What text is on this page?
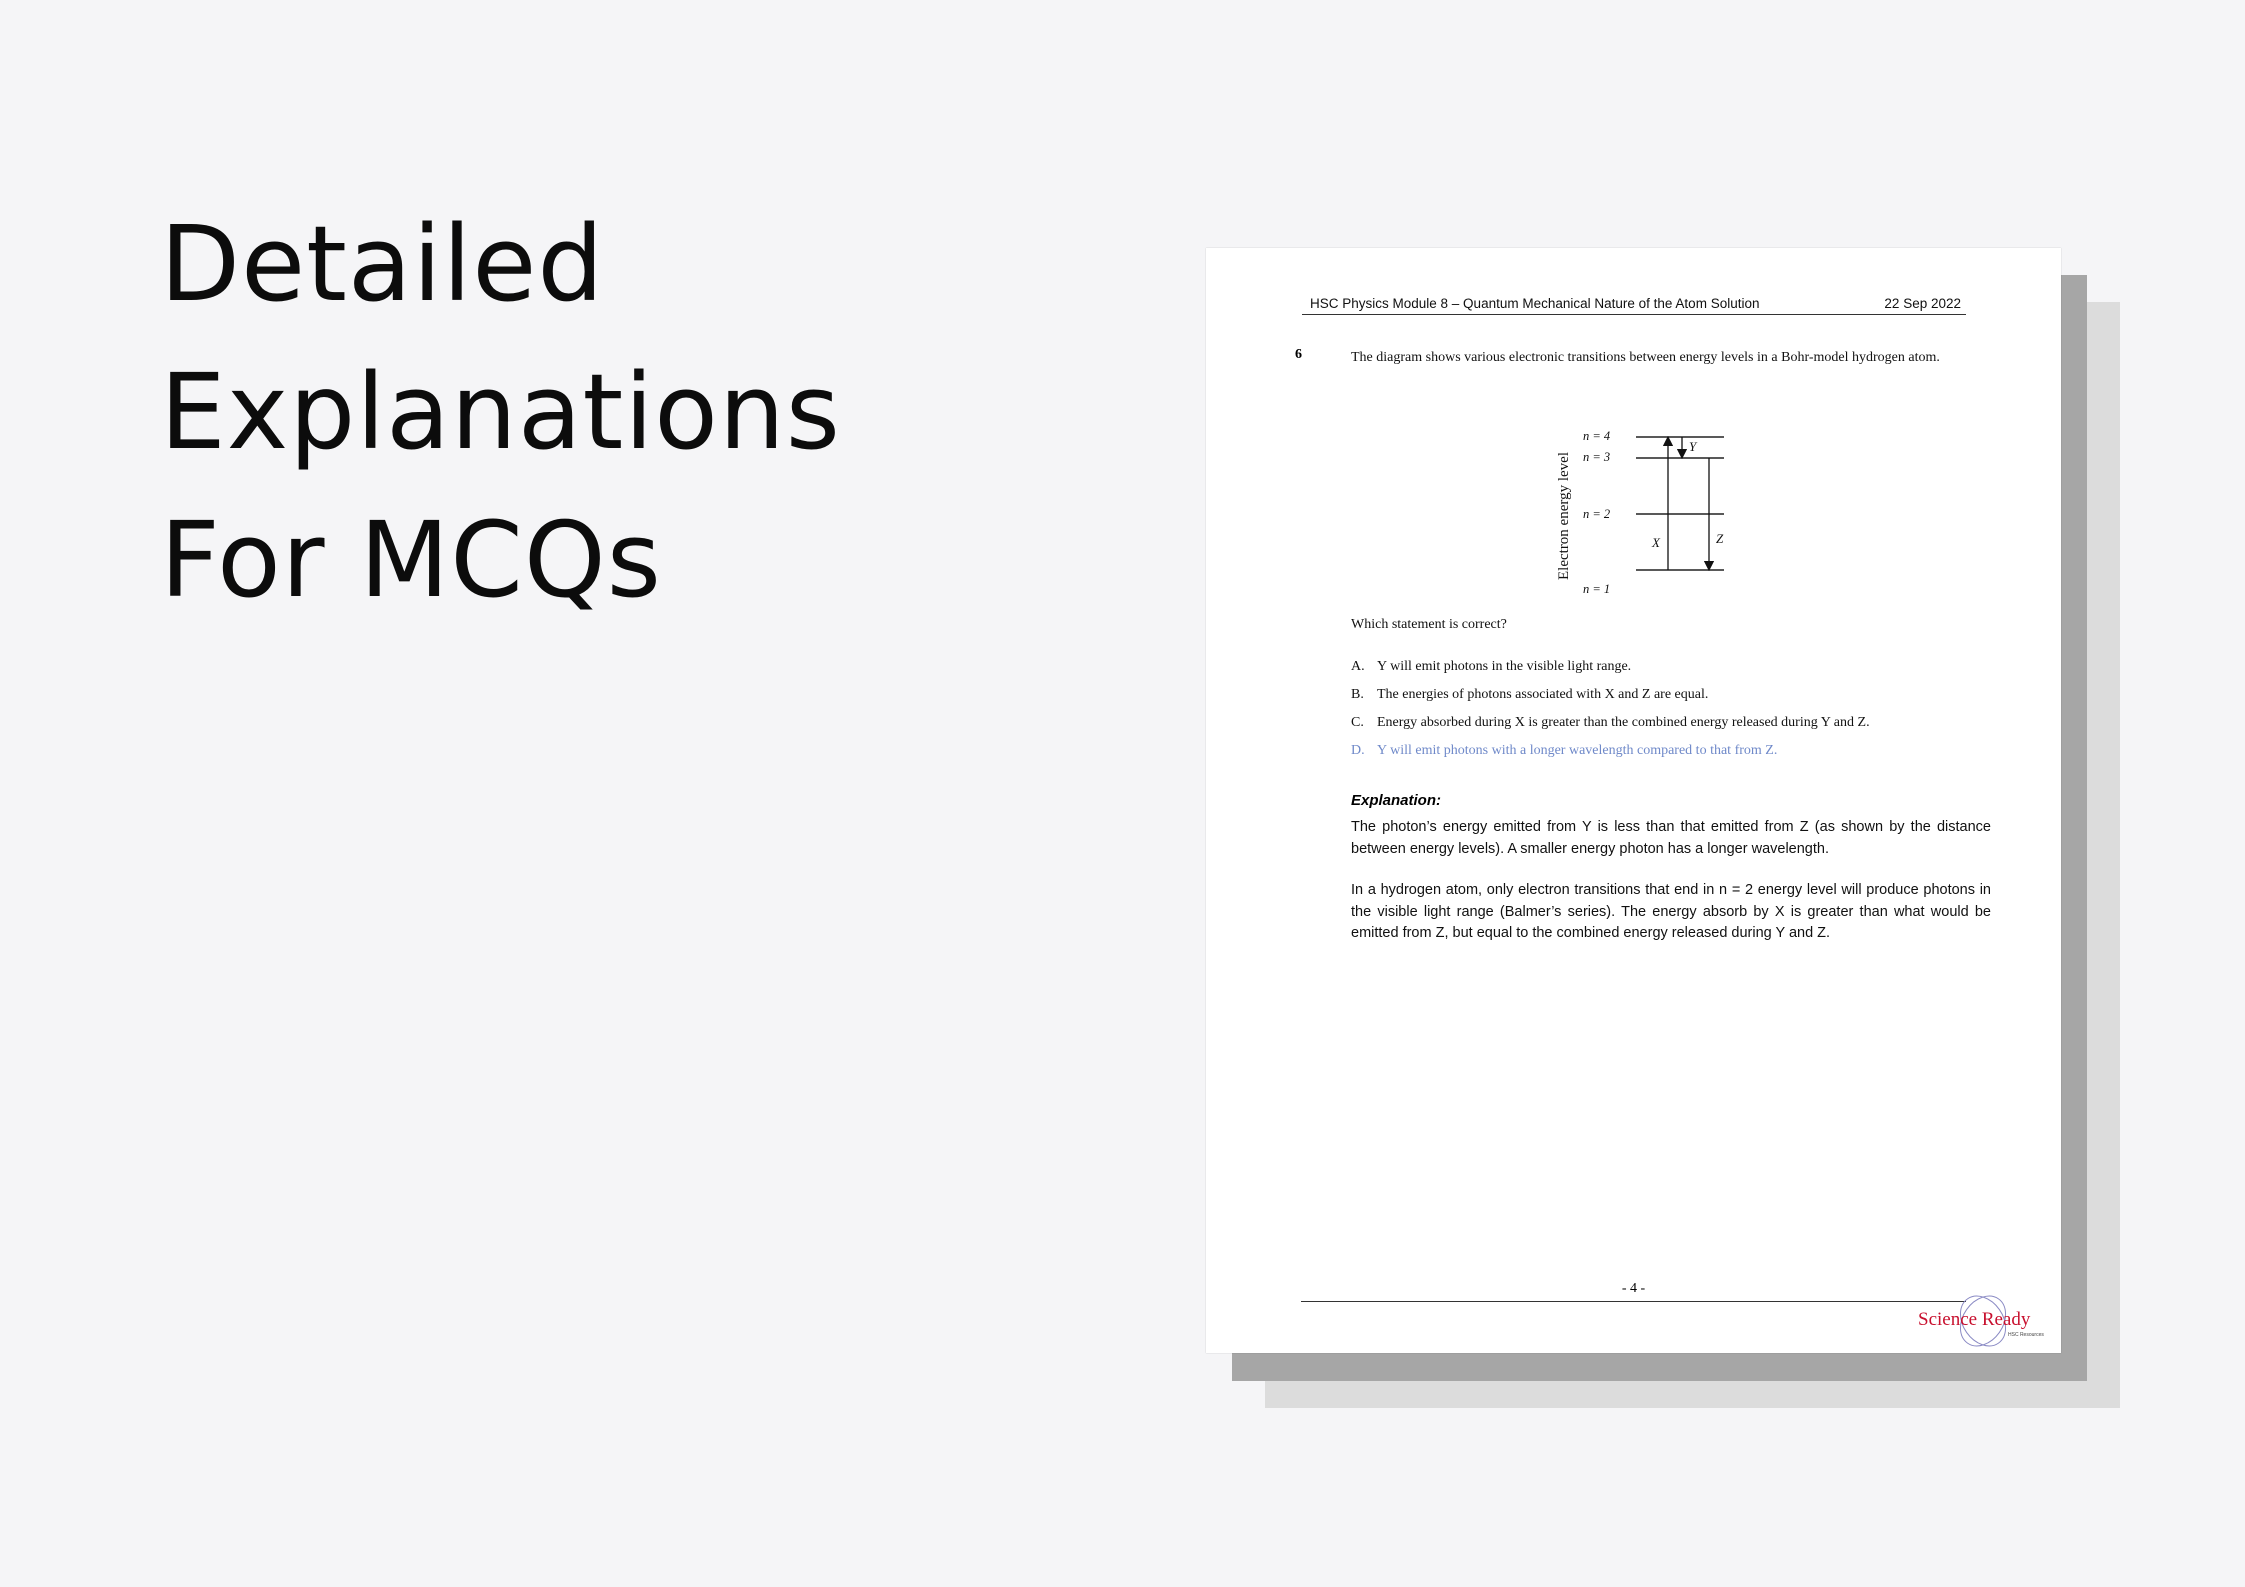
Detailed
Explanations
For MCQs
HSC Physics Module 8 – Quantum Mechanical Nature of the Atom Solution	22 Sep 2022
6	The diagram shows various electronic transitions between energy levels in a Bohr-model hydrogen atom.
Electron energy level
n = 4
n = 3
n = 2
n = 1
X
Y
Z
Which statement is correct?
A. Y will emit photons in the visible light range.
B. The energies of photons associated with X and Z are equal.
C. Energy absorbed during X is greater than the combined energy released during Y and Z.
D. Y will emit photons with a longer wavelength compared to that from Z.
Explanation:
The photon’s energy emitted from Y is less than that emitted from Z (as shown by the distance between energy levels). A smaller energy photon has a longer wavelength.
In a hydrogen atom, only electron transitions that end in n = 2 energy level will produce photons in the visible light range (Balmer’s series). The energy absorb by X is greater than what would be emitted from Z, but equal to the combined energy released during Y and Z.
- 4 -
Science Ready
HSC Resources
